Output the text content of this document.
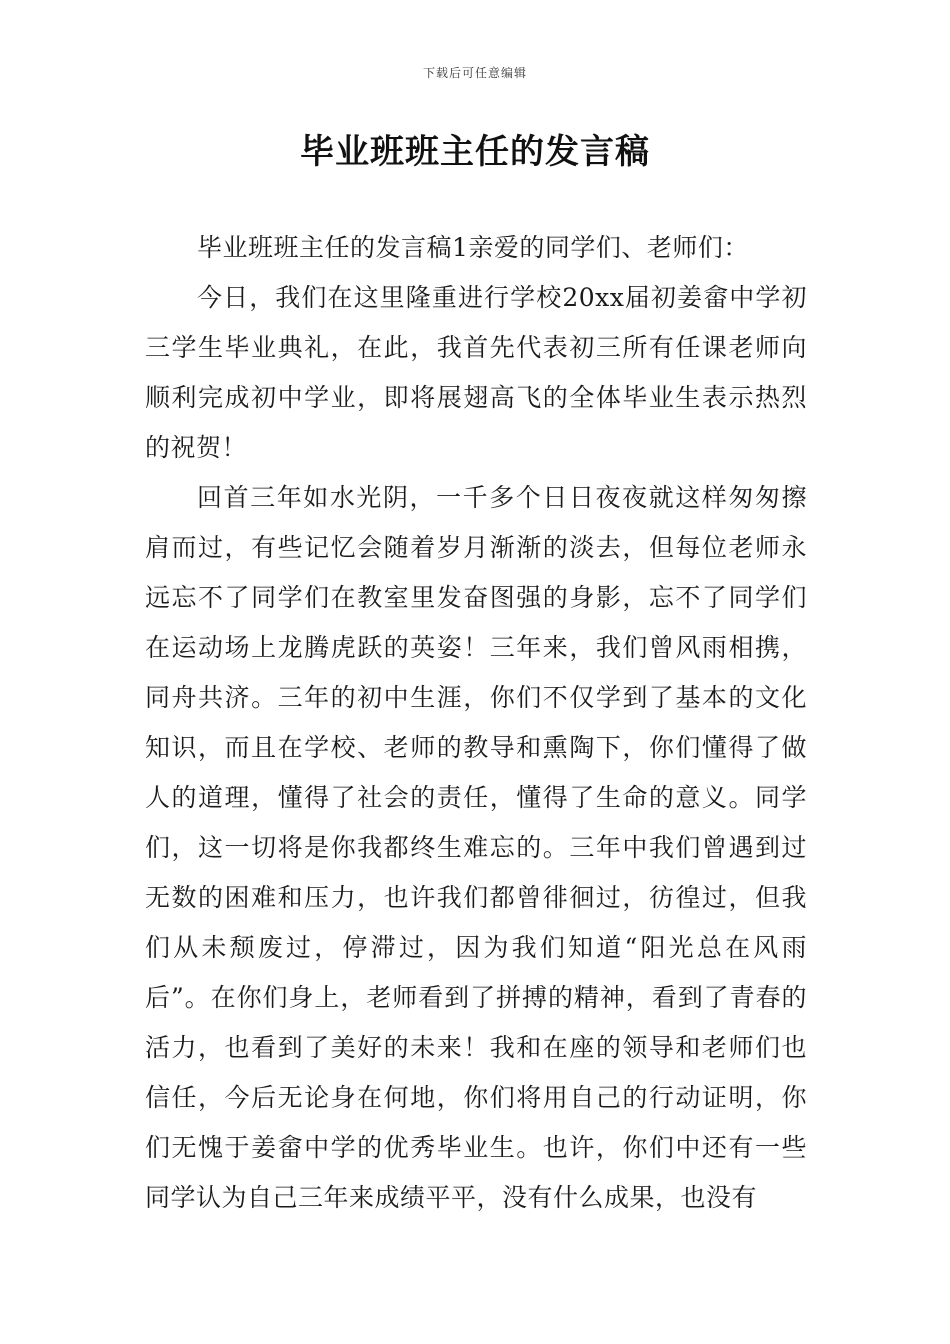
下载后可任意编辑
毕业班班主任的发言稿

毕业班班主任的发言稿1亲爱的同学们、老师们：

今日，我们在这里隆重进行学校20xx届初姜畲中学初三学生毕业典礼，在此，我首先代表初三所有任课老师向顺利完成初中学业，即将展翅高飞的全体毕业生表示热烈的祝贺！

回首三年如水光阴，一千多个日日夜夜就这样匆匆擦肩而过，有些记忆会随着岁月渐渐的淡去，但每位老师永远忘不了同学们在教室里发奋图强的身影，忘不了同学们在运动场上龙腾虎跃的英姿！三年来，我们曾风雨相携，同舟共济。三年的初中生涯，你们不仅学到了基本的文化知识，而且在学校、老师的教导和熏陶下，你们懂得了做人的道理，懂得了社会的责任，懂得了生命的意义。同学们，这一切将是你我都终生难忘的。三年中我们曾遇到过无数的困难和压力，也许我们都曾徘徊过，彷徨过，但我们从未颓废过，停滞过，因为我们知道“阳光总在风雨后”。在你们身上，老师看到了拼搏的精神，看到了青春的活力，也看到了美好的未来！我和在座的领导和老师们也信任，今后无论身在何地，你们将用自己的行动证明，你们无愧于姜畲中学的优秀毕业生。也许，你们中还有一些同学认为自己三年来成绩平平，没有什么成果，也没有
